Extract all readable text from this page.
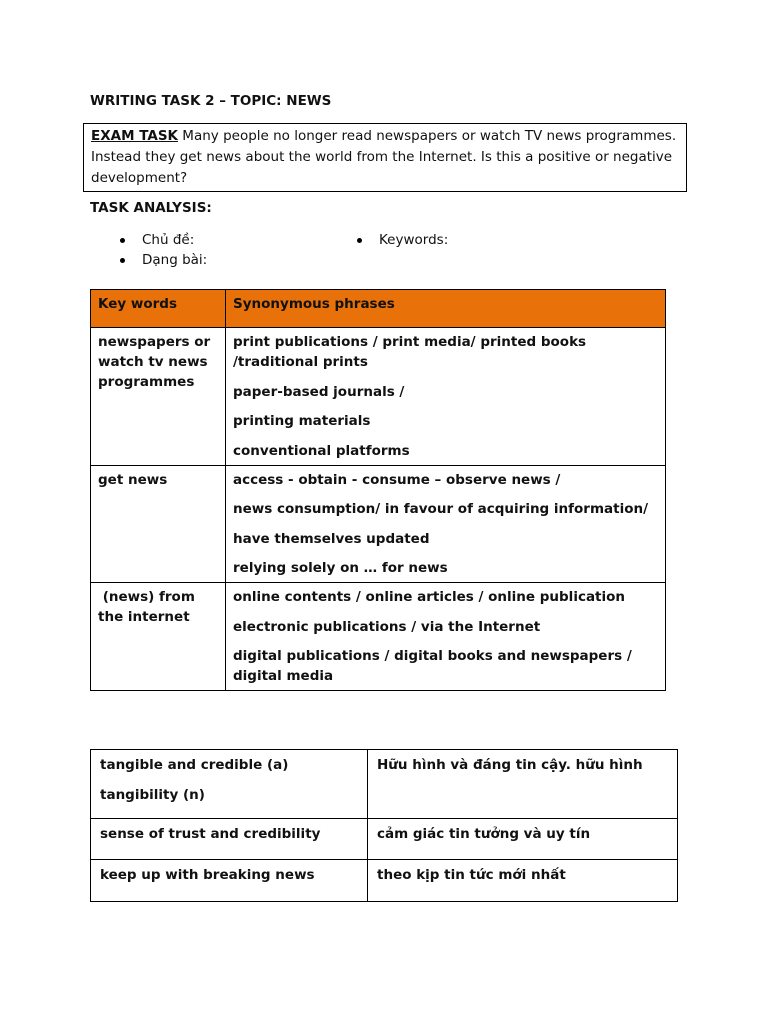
WRITING TASK 2 – TOPIC: NEWS
EXAM TASK Many people no longer read newspapers or watch TV news programmes. Instead they get news about the world from the Internet. Is this a positive or negative development?
TASK ANALYSIS:
Chủ đề:
Dạng bài:
Keywords:
Key words	Synonymous phrases
newspapers or watch tv news programmes	print publications / print media/ printed books /traditional prints

paper-based journals /

printing materials

conventional platforms

get news	access - obtain - consume – observe news /

news consumption/ in favour of acquiring information/

have themselves updated

relying solely on … for news

(news) from the internet	online contents / online articles / online publication

electronic publications / via the Internet

digital publications / digital books and newspapers / digital media

tangible and credible (a)

tangibility (n)	Hữu hình và đáng tin cậy. hữu hình

sense of trust and credibility	cảm giác tin tưởng và uy tín

keep up with breaking news	theo kịp tin tức mới nhất
